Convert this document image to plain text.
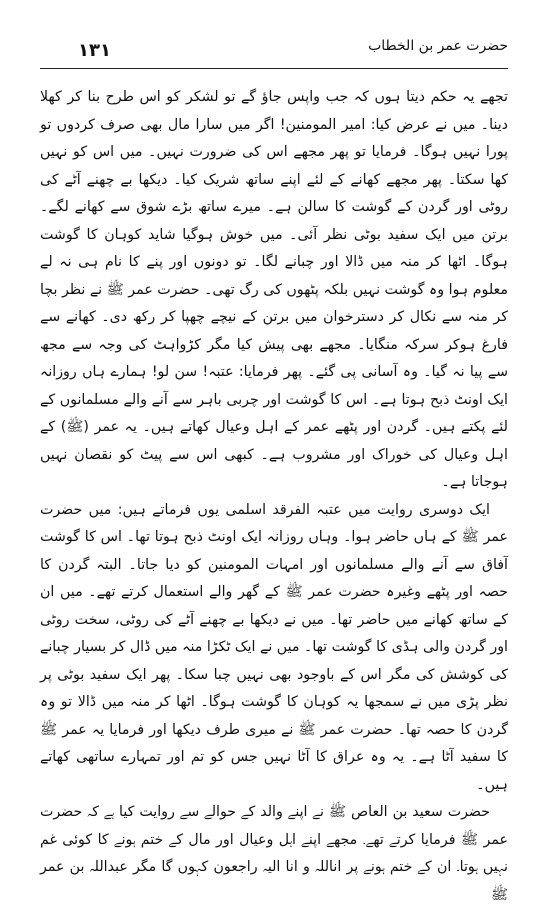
۱۳۱	حضرت عمر بن الخطاب

تجھے یہ حکم دیتا ہوں کہ جب واپس جاؤ گے تو لشکر کو اس طرح بنا کر کھلا دینا۔ میں نے عرض کیا: امیر المومنین! اگر میں سارا مال بھی صرف کردوں تو پورا نہیں ہوگا۔ فرمایا تو پھر مجھے اس کی ضرورت نہیں۔ میں اس کو نہیں کھا سکتا۔ پھر مجھے کھانے کے لئے اپنے ساتھ شریک کیا۔ دیکھا بے چھنے آٹے کی روٹی اور گردن کے گوشت کا سالن ہے۔ میرے ساتھ بڑے شوق سے کھانے لگے۔ برتن میں ایک سفید بوٹی نظر آئی۔ میں خوش ہوگیا شاید کوہان کا گوشت ہوگا۔ اٹھا کر منہ میں ڈالا اور چبانے لگا۔ تو دونوں اور پنے کا نام ہی نہ لے معلوم ہوا وہ گوشت نہیں بلکہ پٹھوں کی رگ تھی۔ حضرت عمر ﷺ نے نظر بچا کر منہ سے نکال کر دسترخوان میں برتن کے نیچے چھپا کر رکھ دی۔ کھانے سے فارغ ہوکر سرکہ منگایا۔ مجھے بھی پیش کیا مگر کڑواہٹ کی وجہ سے مجھ سے پیا نہ گیا۔ وہ آسانی پی گئے۔ پھر فرمایا: عتبہ! سن لو! ہمارے ہاں روزانہ ایک اونٹ ذبح ہوتا ہے۔ اس کا گوشت اور چربی باہر سے آنے والے مسلمانوں کے لئے پکتے ہیں۔ گردن اور پٹھے عمر کے اہل وعیال کھاتے ہیں۔ یہ عمر (ﷺ) کے اہل وعیال کی خوراک اور مشروب ہے۔ کبھی اس سے پیٹ کو نقصان نہیں ہوجاتا ہے۔

ایک دوسری روایت میں عتبہ الفرقد اسلمی یوں فرماتے ہیں: میں حضرت عمر ﷺ کے ہاں حاضر ہوا۔ وہاں روزانہ ایک اونٹ ذبح ہوتا تھا۔ اس کا گوشت آفاق سے آنے والے مسلمانوں اور امہات المومنین کو دیا جاتا۔ البتہ گردن کا حصہ اور پٹھے وغیرہ حضرت عمر ﷺ کے گھر والے استعمال کرتے تھے۔ میں ان کے ساتھ کھانے میں حاضر تھا۔ میں نے دیکھا بے چھنے آٹے کی روٹی، سخت روٹی اور گردن والی ہڈی کا گوشت تھا۔ میں نے ایک ٹکڑا منہ میں ڈال کر بسیار چبانے کی کوشش کی مگر اس کے باوجود بھی نہیں چبا سکا۔ پھر ایک سفید بوٹی پر نظر پڑی میں نے سمجھا یہ کوہان کا گوشت ہوگا۔ اٹھا کر منہ میں ڈالا تو وہ گردن کا حصہ تھا۔ حضرت عمر ﷺ نے میری طرف دیکھا اور فرمایا یہ عمر ﷺ کا سفید آٹا ہے۔ یہ وہ عراق کا آٹا نہیں جس کو تم اور تمہارے ساتھی کھاتے ہیں۔

حضرت سعید بن العاص ﷺ نے اپنے والد کے حوالے سے روایت کیا ہے کہ حضرت عمر ﷺ فرمایا کرتے تھے۔ مجھے اپنے اہل وعیال اور مال کے ختم ہونے کا کوئی غم نہیں ہوتا۔ ان کے ختم ہونے پر اناللہ و انا الیہ راجعون کہوں گا مگر عبداللہ بن عمر ﷺ
